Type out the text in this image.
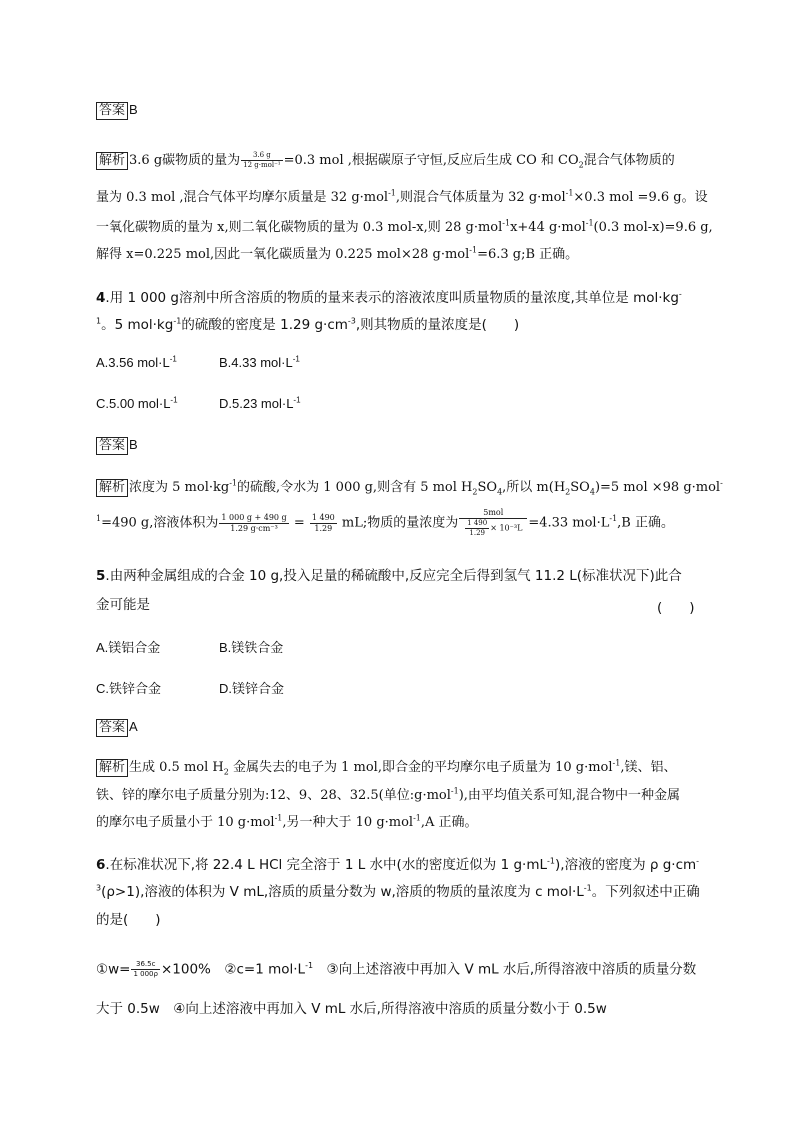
答案 B
解析 3.6 g碳物质的量为 $\frac{3.6 g}{\text{12 g·mol⁻¹}} =0.3$ mol ,根据碳原子守恒,反应后生成 CO 和 $CO_2$混合气体物质的
量为 0.3 mol ,混合气体平均摩尔质量是 32 g·mol$^{-1}$,则混合气体质量为 32 g·mol$^{-1}$×0.3 mol =9.6 g。设
一氧化碳物质的量为 x,则二氧化碳物质的量为 0.3 mol-x,则 28 g·mol$^{-1}$x+44 g·mol$^{-1}$(0.3 mol-x)=9.6 g,
解得 x=0.225 mol,因此一氧化碳质量为 0.225 mol×28 g·mol$^{-1}$=6.3 g;B 正确。
4.用 1 000 g溶剂中所含溶质的物质的量来表示的溶液浓度叫质量物质的量浓度,其单位是 mol·kg-
$^1$。5 $mol\cdot kg^{-1}$的硫酸的密度是 1.29 $g\cdot cm^{-3}$,则其物质的量浓度是(　　)
A.3.56 $mol\cdot L^{-1}$	B.4.33 $mol\cdot L^{-1}$
C.5.00 $mol\cdot L^{-1}$	D.5.23 $mol\cdot L^{-1}$
答案 B
解析 浓度为 5 $mol\cdot kg^{-1}$的硫酸,令水为 1 000 g,则含有 5 mol $H_2SO_4$,所以 $m(H_2SO_4)=5$ mol ×98 g·mol-
$^1$=490 g,溶液体积为 $\frac{1 000 g + 490 g}{\text{1.29 g·cm⁻³}} = \frac{1 490}{1.29}$ mL;物质的量浓度为 $\frac{\text{5mol}}{\frac{1 490}{1.29} \times 10^{-3}L} =4.33$ $mol\cdot L^{-1},B$ 正确。
5.由两种金属组成的合金 10 g,投入足量的稀硫酸中,反应完全后得到氢气 11.2 L(标准状况下)此合
金可能是	(　　)
A.镁铝合金	B.镁铁合金
C.铁锌合金	D.镁锌合金
答案 A
解析 生成 0.5 mol $H_2$ 金属失去的电子为 1 mol,即合金的平均摩尔电子质量为 10 g·mol$^{-1}$,镁、铝、
铁、锌的摩尔电子质量分别为:12、9、28、32.5(单位:g·mol$^{-1}$),由平均值关系可知,混合物中一种金属
的摩尔电子质量小于 10 g·mol$^{-1}$,另一种大于 10 g·mol$^{-1}$,A 正确。
6.在标准状况下,将 22.4 L HCl 完全溶于 1 L 水中(水的密度近似为 1 $g\cdot mL^{-1}$),溶液的密度为 ρ g·cm-
$^3$(ρ>1),溶液的体积为 V mL,溶质的质量分数为 w,溶质的物质的量浓度为 c $mol\cdot L^{-1}$。下列叙述中正确
的是(　　)
①w= $\frac{36.5c}{1 000\rho} \times 100\%$　②c=1 $mol\cdot L^{-1}$　③向上述溶液中再加入 V mL 水后,所得溶液中溶质的质量分数
大于 0.5w　④向上述溶液中再加入 V mL 水后,所得溶液中溶质的质量分数小于 0.5w
